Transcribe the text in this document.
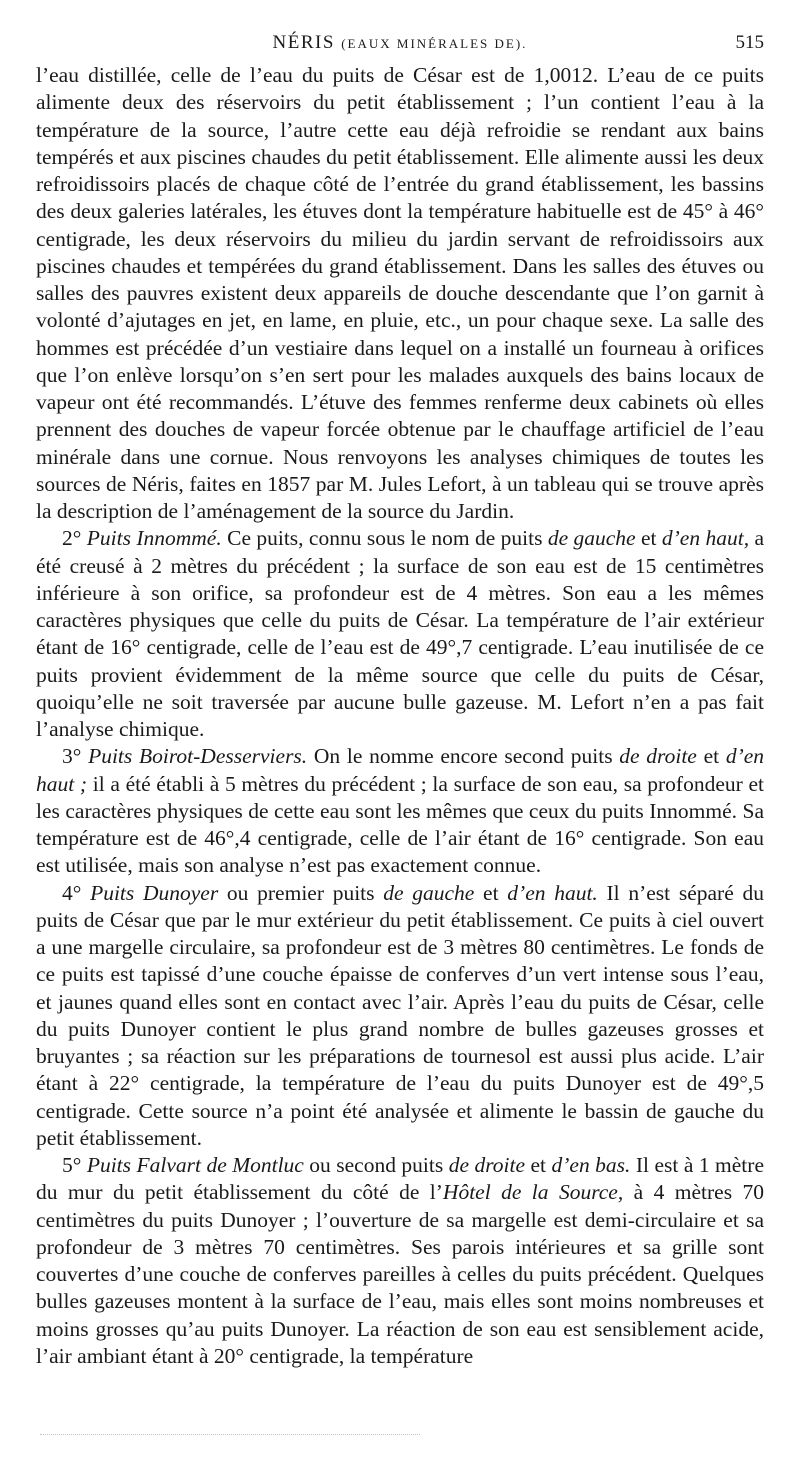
NÉRIS (EAUX MINÉRALES DE).	515

l’eau distillée, celle de l’eau du puits de César est de 1,0012. L’eau de ce puits alimente deux des réservoirs du petit établissement ; l’un contient l’eau à la température de la source, l’autre cette eau déjà refroidie se rendant aux bains tempérés et aux piscines chaudes du petit établissement. Elle alimente aussi les deux refroidissoirs placés de chaque côté de l’entrée du grand établissement, les bassins des deux galeries latérales, les étuves dont la température habituelle est de 45° à 46° centigrade, les deux réservoirs du milieu du jardin servant de refroidissoirs aux piscines chaudes et tempérées du grand établissement. Dans les salles des étuves ou salles des pauvres existent deux appareils de douche descendante que l’on garnit à volonté d’ajutages en jet, en lame, en pluie, etc., un pour chaque sexe. La salle des hommes est précédée d’un vestiaire dans lequel on a installé un fourneau à orifices que l’on enlève lorsqu’on s’en sert pour les malades auxquels des bains locaux de vapeur ont été recommandés. L’étuve des femmes renferme deux cabinets où elles prennent des douches de vapeur forcée obtenue par le chauffage artificiel de l’eau minérale dans une cornue. Nous renvoyons les analyses chimiques de toutes les sources de Néris, faites en 1857 par M. Jules Lefort, à un tableau qui se trouve après la description de l’aménagement de la source du Jardin.

2° Puits Innommé. Ce puits, connu sous le nom de puits de gauche et d’en haut, a été creusé à 2 mètres du précédent ; la surface de son eau est de 15 centimètres inférieure à son orifice, sa profondeur est de 4 mètres. Son eau a les mêmes caractères physiques que celle du puits de César. La température de l’air extérieur étant de 16° centigrade, celle de l’eau est de 49°,7 centigrade. L’eau inutilisée de ce puits provient évidemment de la même source que celle du puits de César, quoiqu’elle ne soit traversée par aucune bulle gazeuse. M. Lefort n’en a pas fait l’analyse chimique.

3° Puits Boirot-Desserviers. On le nomme encore second puits de droite et d’en haut ; il a été établi à 5 mètres du précédent ; la surface de son eau, sa profondeur et les caractères physiques de cette eau sont les mêmes que ceux du puits Innommé. Sa température est de 46°,4 centigrade, celle de l’air étant de 16° centigrade. Son eau est utilisée, mais son analyse n’est pas exactement connue.

4° Puits Dunoyer ou premier puits de gauche et d’en haut. Il n’est séparé du puits de César que par le mur extérieur du petit établissement. Ce puits à ciel ouvert a une margelle circulaire, sa profondeur est de 3 mètres 80 centimètres. Le fonds de ce puits est tapissé d’une couche épaisse de conferves d’un vert intense sous l’eau, et jaunes quand elles sont en contact avec l’air. Après l’eau du puits de César, celle du puits Dunoyer contient le plus grand nombre de bulles gazeuses grosses et bruyantes ; sa réaction sur les préparations de tournesol est aussi plus acide. L’air étant à 22° centigrade, la température de l’eau du puits Dunoyer est de 49°,5 centigrade. Cette source n’a point été analysée et alimente le bassin de gauche du petit établissement.

5° Puits Falvart de Montluc ou second puits de droite et d’en bas. Il est à 1 mètre du mur du petit établissement du côté de l’Hôtel de la Source, à 4 mètres 70 centimètres du puits Dunoyer ; l’ouverture de sa margelle est demi-circulaire et sa profondeur de 3 mètres 70 centimètres. Ses parois intérieures et sa grille sont couvertes d’une couche de conferves pareilles à celles du puits précédent. Quelques bulles gazeuses montent à la surface de l’eau, mais elles sont moins nombreuses et moins grosses qu’au puits Dunoyer. La réaction de son eau est sensiblement acide, l’air ambiant étant à 20° centigrade, la température
